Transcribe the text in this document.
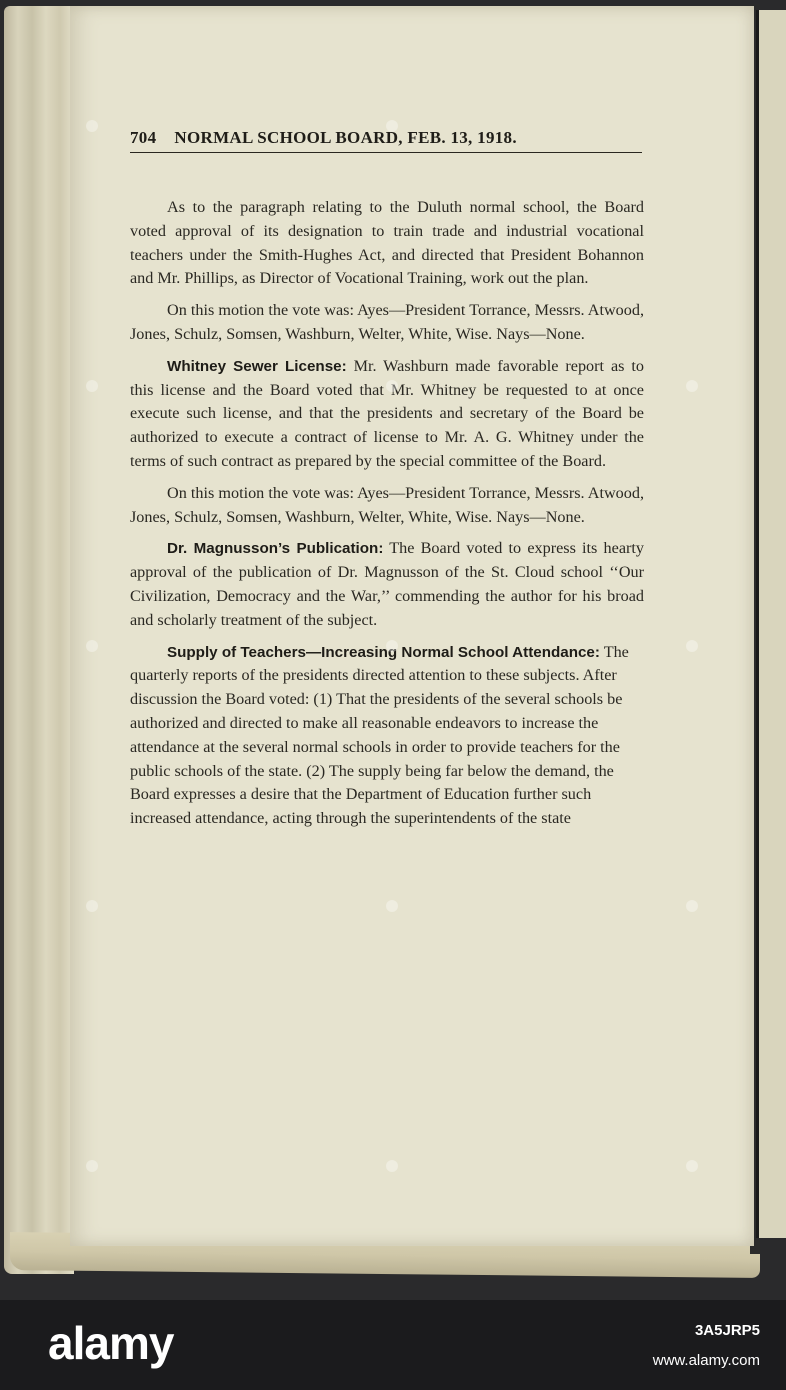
704 NORMAL SCHOOL BOARD, FEB. 13, 1918.

As to the paragraph relating to the Duluth normal school, the Board voted approval of its designation to train trade and industrial vocational teachers under the Smith-Hughes Act, and directed that President Bohannon and Mr. Phillips, as Director of Vocational Training, work out the plan.

On this motion the vote was: Ayes—President Torrance, Messrs. Atwood, Jones, Schulz, Somsen, Washburn, Welter, White, Wise. Nays—None.

Whitney Sewer License: Mr. Washburn made favorable report as to this license and the Board voted that Mr. Whitney be requested to at once execute such license, and that the presidents and secretary of the Board be authorized to execute a contract of license to Mr. A. G. Whitney under the terms of such contract as prepared by the special committee of the Board.

On this motion the vote was: Ayes—President Torrance, Messrs. Atwood, Jones, Schulz, Somsen, Washburn, Welter, White, Wise. Nays—None.

Dr. Magnusson’s Publication: The Board voted to express its hearty approval of the publication of Dr. Magnusson of the St. Cloud school ‘‘Our Civilization, Democracy and the War,’’ commending the author for his broad and scholarly treatment of the subject.

Supply of Teachers—Increasing Normal School Attendance: The quarterly reports of the presidents directed attention to these subjects. After discussion the Board voted: (1) That the presidents of the several schools be authorized and directed to make all reasonable endeavors to increase the attendance at the several normal schools in order to provide teachers for the public schools of the state. (2) The supply being far below the demand, the Board expresses a desire that the Department of Education further such increased attendance, acting through the superintendents of the state

alamy	3A5JRP5
www.alamy.com
